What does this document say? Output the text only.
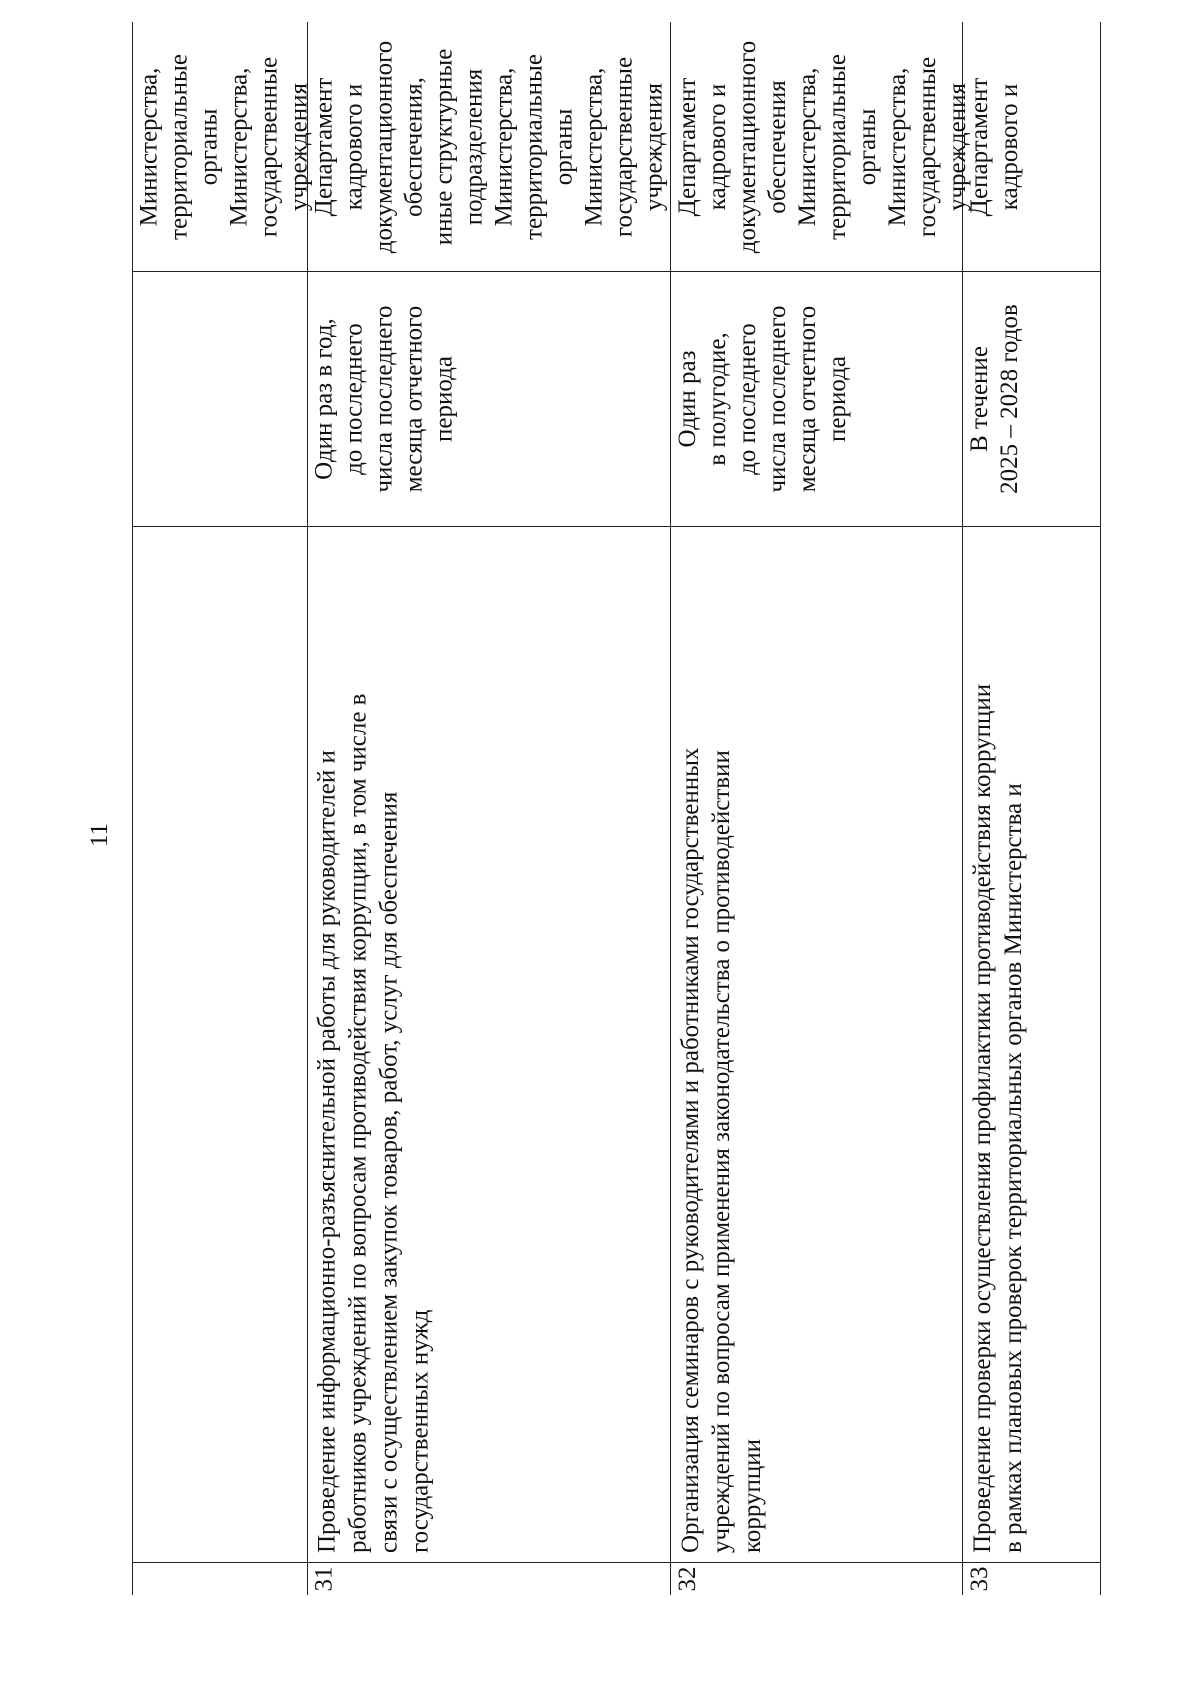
11
Министерства, территориальные органы Министерства, государственные учреждения
Департамент кадрового и документационного обеспечения, иные структурные подразделения Министерства, территориальные органы Министерства, государственные учреждения
Один раз в год, до последнего числа последнего месяца отчетного периода
Проведение информационно-разъяснительной работы для руководителей и работников учреждений по вопросам противодействия коррупции, в том числе в связи с осуществлением закупок товаров, работ, услуг для обеспечения государственных нужд
31
Департамент кадрового и документационного обеспечения Министерства, территориальные органы Министерства, государственные учреждения
Один раз в полугодие, до последнего числа последнего месяца отчетного периода
Организация семинаров с руководителями и работниками государственных учреждений по вопросам применения законодательства о противодействии коррупции
32
Департамент кадрового и
В течение 2025 – 2028 годов
Проведение проверки осуществления профилактики противодействия коррупции в рамках плановых проверок территориальных органов Министерства и
33
